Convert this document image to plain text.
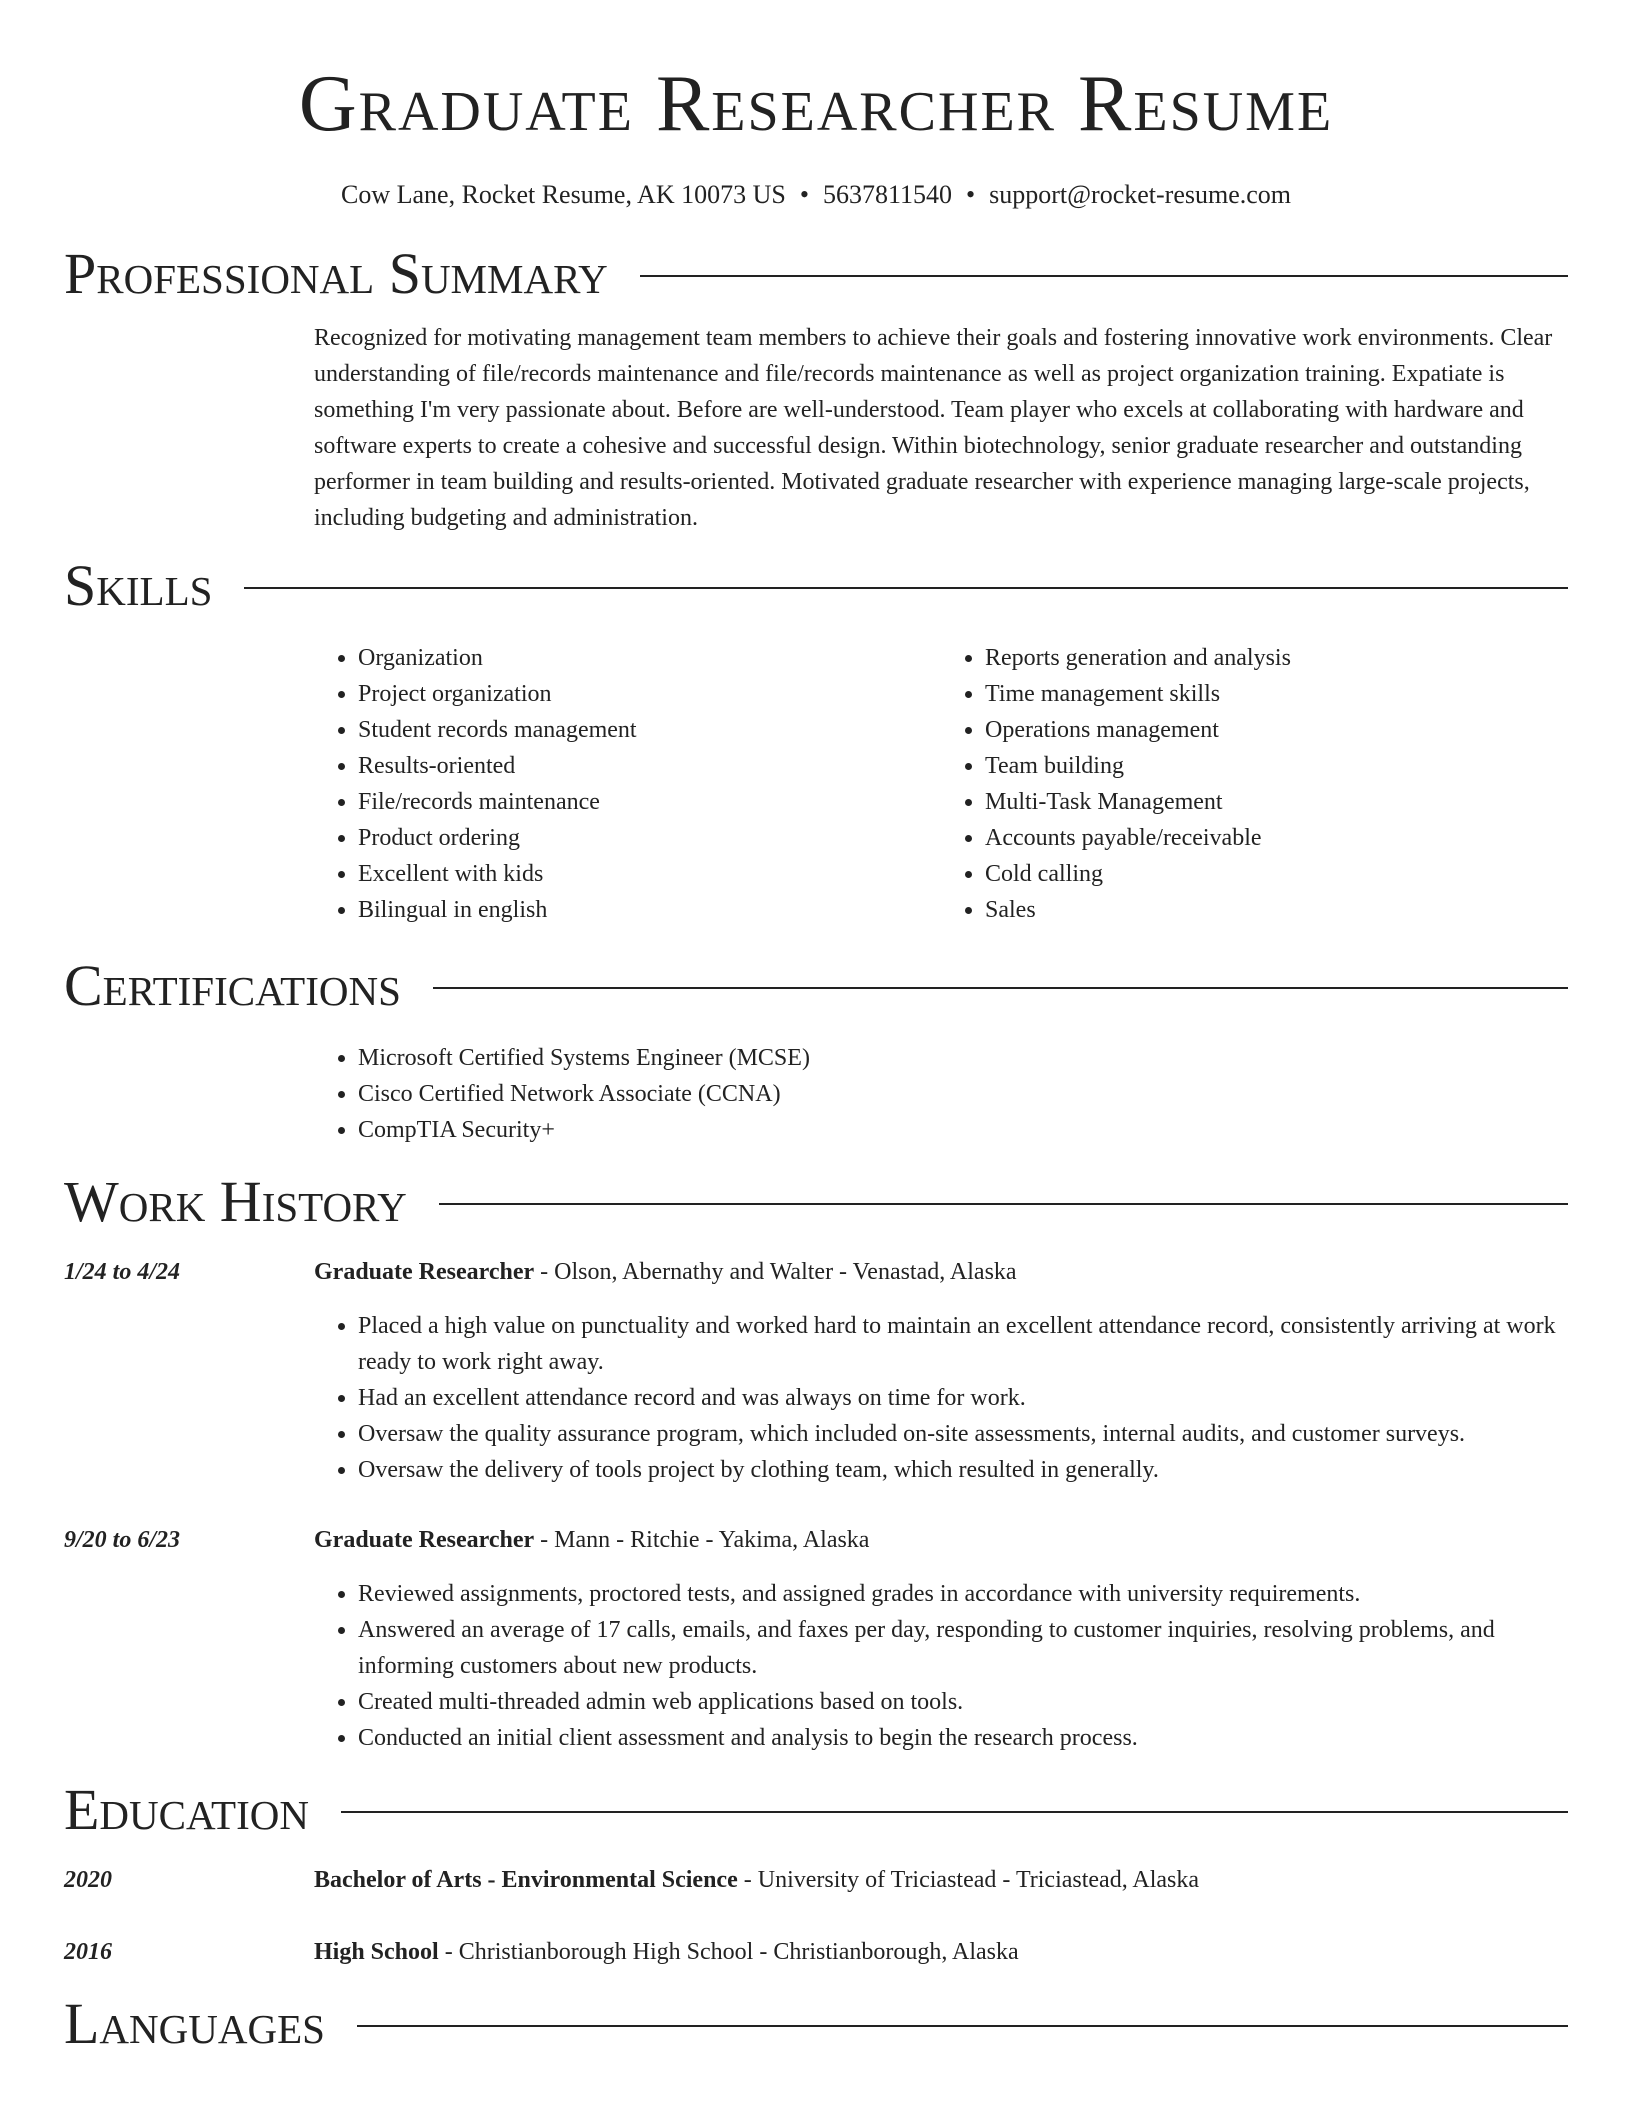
Graduate Researcher Resume
Cow Lane, Rocket Resume, AK 10073 US • 5637811540 • support@rocket-resume.com
Professional Summary
Recognized for motivating management team members to achieve their goals and fostering innovative work environments. Clear understanding of file/records maintenance and file/records maintenance as well as project organization training. Expatiate is something I'm very passionate about. Before are well-understood. Team player who excels at collaborating with hardware and software experts to create a cohesive and successful design. Within biotechnology, senior graduate researcher and outstanding performer in team building and results-oriented. Motivated graduate researcher with experience managing large-scale projects, including budgeting and administration.
Skills
• Organization
• Project organization
• Student records management
• Results-oriented
• File/records maintenance
• Product ordering
• Excellent with kids
• Bilingual in english
• Reports generation and analysis
• Time management skills
• Operations management
• Team building
• Multi-Task Management
• Accounts payable/receivable
• Cold calling
• Sales
Certifications
• Microsoft Certified Systems Engineer (MCSE)
• Cisco Certified Network Associate (CCNA)
• CompTIA Security+
Work History
1/24 to 4/24	Graduate Researcher - Olson, Abernathy and Walter - Venastad, Alaska
• Placed a high value on punctuality and worked hard to maintain an excellent attendance record, consistently arriving at work ready to work right away.
• Had an excellent attendance record and was always on time for work.
• Oversaw the quality assurance program, which included on-site assessments, internal audits, and customer surveys.
• Oversaw the delivery of tools project by clothing team, which resulted in generally.
9/20 to 6/23	Graduate Researcher - Mann - Ritchie - Yakima, Alaska
• Reviewed assignments, proctored tests, and assigned grades in accordance with university requirements.
• Answered an average of 17 calls, emails, and faxes per day, responding to customer inquiries, resolving problems, and informing customers about new products.
• Created multi-threaded admin web applications based on tools.
• Conducted an initial client assessment and analysis to begin the research process.
Education
2020	Bachelor of Arts - Environmental Science - University of Triciastead - Triciastead, Alaska
2016	High School - Christianborough High School - Christianborough, Alaska
Languages
